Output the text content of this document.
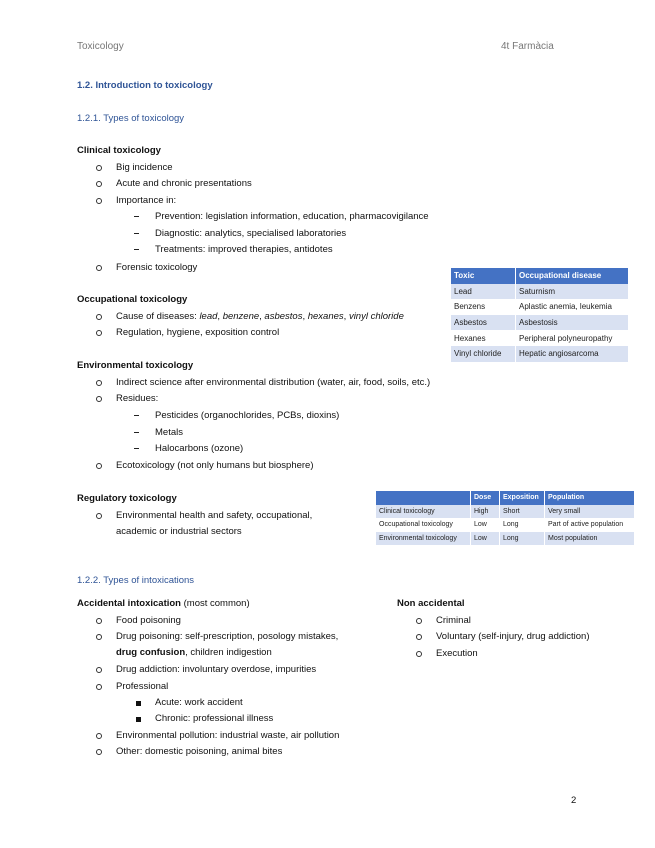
Toxicology	4t Farmàcia
1.2. Introduction to toxicology
1.2.1. Types of toxicology
Clinical toxicology
Big incidence
Acute and chronic presentations
Importance in:
Prevention: legislation information, education, pharmacovigilance
Diagnostic: analytics, specialised laboratories
Treatments: improved therapies, antidotes
Forensic toxicology
Occupational toxicology
Cause of diseases: lead, benzene, asbestos, hexanes, vinyl chloride
Regulation, hygiene, exposition control
Toxic	Occupational disease
Lead	Saturnism
Benzens	Aplastic anemia, leukemia
Asbestos	Asbestosis
Hexanes	Peripheral polyneuropathy
Vinyl chloride	Hepatic angiosarcoma
Environmental toxicology
Indirect science after environmental distribution (water, air, food, soils, etc.)
Residues:
Pesticides (organochlorides, PCBs, dioxins)
Metals
Halocarbons (ozone)
Ecotoxicology (not only humans but biosphere)
Regulatory toxicology
Environmental health and safety, occupational,
academic or industrial sectors
	Dose	Exposition	Population
Clinical toxicology	High	Short	Very small
Occupational toxicology	Low	Long	Part of active population
Environmental toxicology	Low	Long	Most population
1.2.2. Types of intoxications
Accidental intoxication (most common)
Food poisoning
Drug poisoning: self-prescription, posology mistakes,
drug confusion, children indigestion
Drug addiction: involuntary overdose, impurities
Professional
Acute: work accident
Chronic: professional illness
Environmental pollution: industrial waste, air pollution
Other: domestic poisoning, animal bites
Non accidental
Criminal
Voluntary (self-injury, drug addiction)
Execution
2
